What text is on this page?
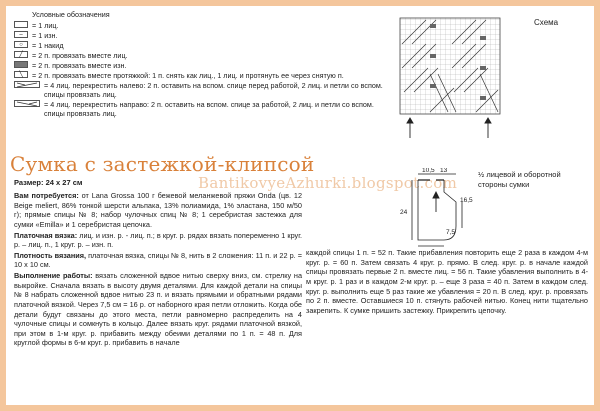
Условные обозначения
= 1 лиц.
–	= 1 изн.
○	= 1 накид
╱	= 2 п. провязать вместе лиц.
= 2 п. провязать вместе изн.
╲	= 2 п. провязать вместе протяжкой: 1 п. снять как лиц., 1 лиц. и протянуть ее через снятую п.
= 4 лиц. перекрестить налево: 2 п. оставить на вспом. спице перед работой, 2 лиц. и петли со вспом. спицы провязать лиц.
= 4 лиц. перекрестить направо: 2 п. оставить на вспом. спице за работой, 2 лиц. и петли со вспом. спицы провязать лиц.
Схема
Сумка с застежкой-клипсой
BantikovyeAzhurki.blogspot.com	½ лицевой и оборотной стороны сумки
10,5 13
24
16,5
7,5
Размер: 24 х 27 см

Вам потребуется: от Lana Grossa 100 г бежевой меланжевой пряжи Onda (цв. 12 Beige meliert, 86% тонкой шерсти альпака, 13% полиамида, 1% эластана, 150 м/50 г); прямые спицы № 8; набор чулочных спиц № 8; 1 серебристая застежка для сумки «Emilla» и 1 серебристая цепочка.

Платочная вязка: лиц. и изн. р. - лиц. п.; в круг. р. рядах вязать попеременно 1 круг. р. – лиц. п., 1 круг. р. – изн. п.

Плотность вязания, платочная вязка, спицы № 8, нить в 2 сложения: 11 п. и 22 р. = 10 х 10 см.

Выполнение работы: вязать сложенной вдвое нитью сверху вниз, см. стрелку на выкройке. Сначала вязать в высоту двумя деталями. Для каждой детали на спицы № 8 набрать сложенной вдвое нитью 23 п. и вязать прямыми и обратными рядами платочной вязкой. Через 7,5 см = 16 р. от наборного края петли отложить. Когда обе детали будут связаны до этого места, петли равномерно распределить на 4 чулочные спицы и сомкнуть в кольцо. Далее вязать круг. рядами платочной вязкой, при этом в 1-м круг. р. прибавить между обеими деталями по 1 п. = 48 п. Для круглой формы в 6-м круг. р. прибавить в начале

каждой спицы 1 п. = 52 п. Такие прибавления повторить еще 2 раза в каждом 4-м круг. р. = 60 п. Затем связать 4 круг. р. прямо. В след. круг. р. в начале каждой спицы провязать первые 2 п. вместе лиц. = 56 п. Такие убавления выполнить в 4-м круг. р. 1 раз и в каждом 2-м круг. р. – еще 3 раза = 40 п. Затем в каждом след. круг. р. выполнить еще 5 раз такие же убавления = 20 п. В след. круг. р. провязать по 2 п. вместе. Оставшиеся 10 п. стянуть рабочей нитью. Конец нити тщательно закрепить. К сумке пришить застежку. Прикрепить цепочку.
